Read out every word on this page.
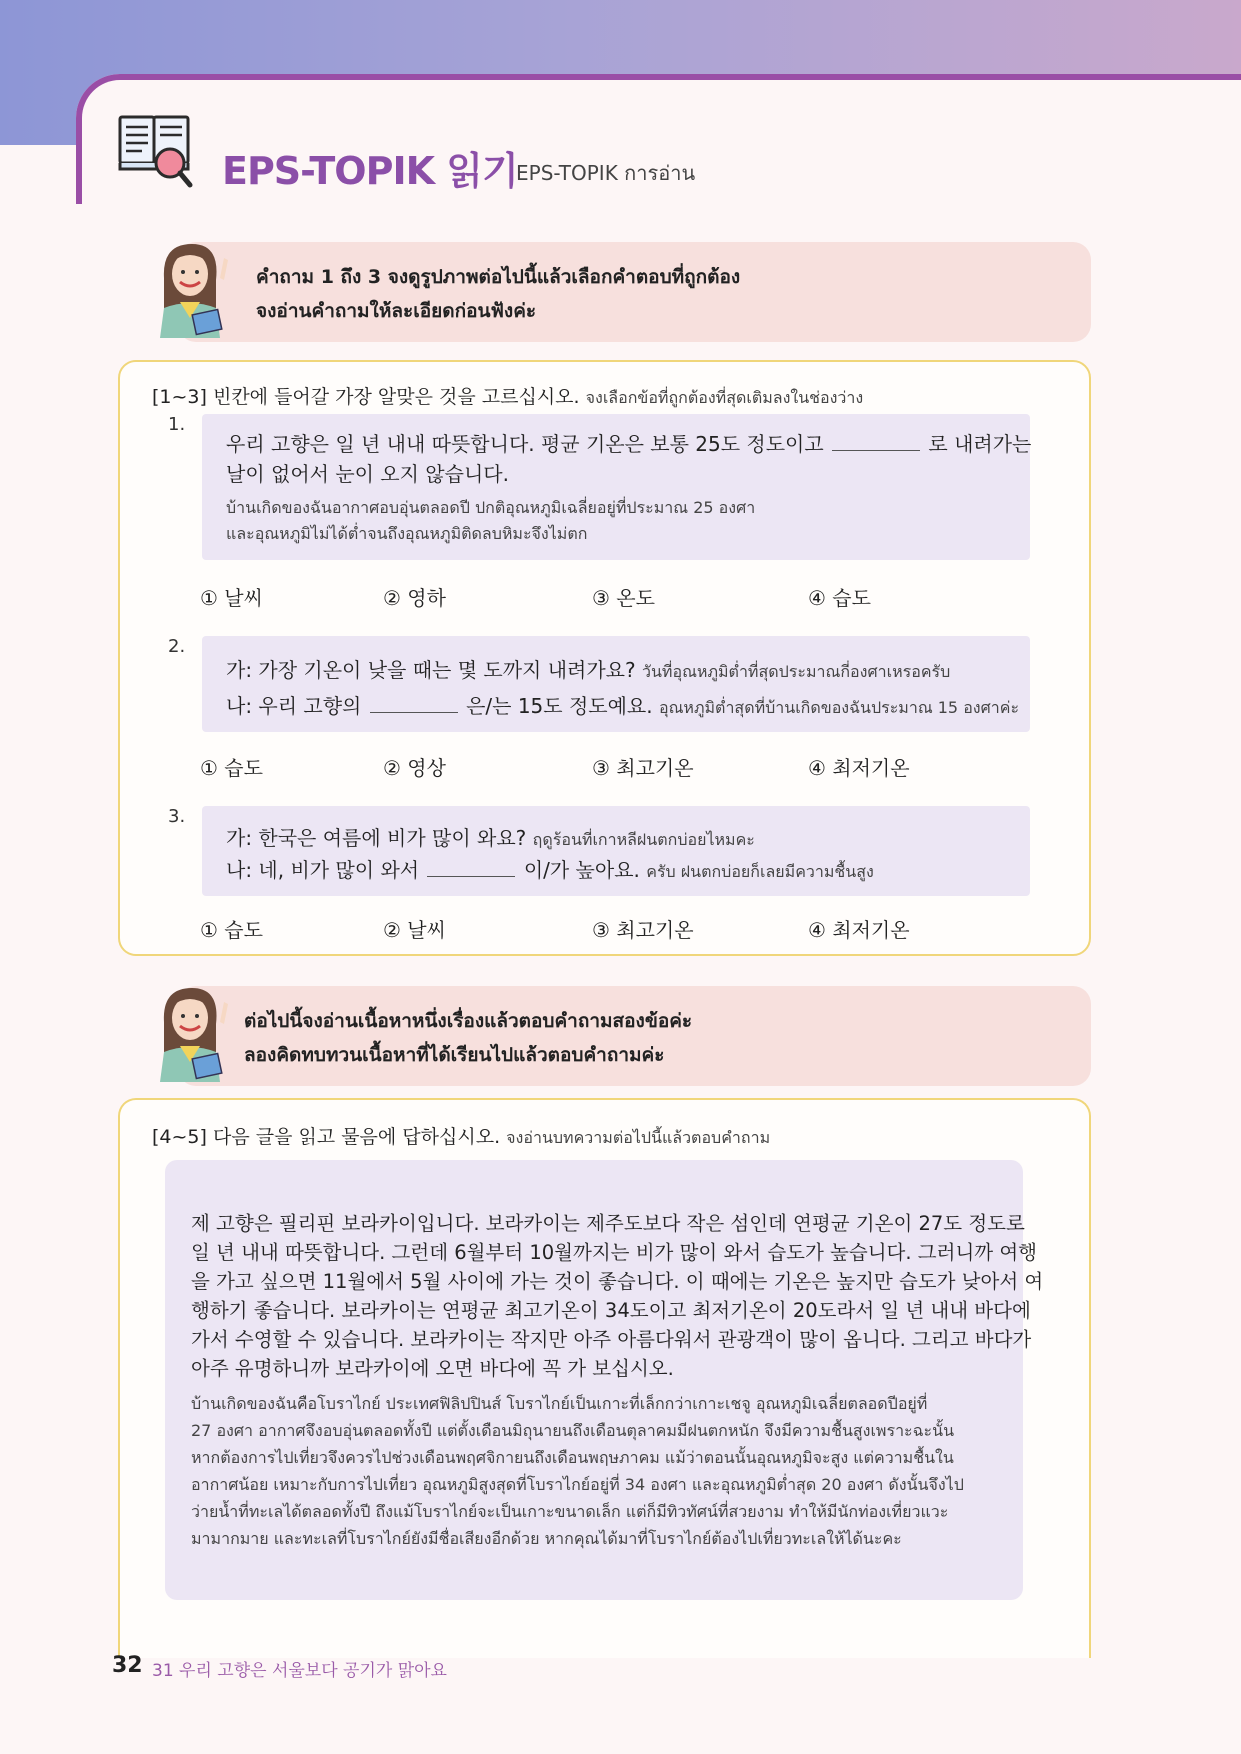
EPS-TOPIK 읽기
EPS-TOPIK การอ่าน
คำถาม 1 ถึง 3 จงดูรูปภาพต่อไปนี้แล้วเลือกคำตอบที่ถูกต้อง
จงอ่านคำถามให้ละเอียดก่อนฟังค่ะ
[1~3] 빈칸에 들어갈 가장 알맞은 것을 고르십시오. จงเลือกข้อที่ถูกต้องที่สุดเติมลงในช่องว่าง
1.
우리 고향은 일 년 내내 따뜻합니다. 평균 기온은 보통 25도 정도이고	로 내려가는
날이 없어서 눈이 오지 않습니다.
บ้านเกิดของฉันอากาศอบอุ่นตลอดปี ปกติอุณหภูมิเฉลี่ยอยู่ที่ประมาณ 25 องศา
และอุณหภูมิไม่ได้ต่ำจนถึงอุณหภูมิติดลบหิมะจึงไม่ตก
① 날씨	② 영하	③ 온도	④ 습도
2.
가: 가장 기온이 낮을 때는 몇 도까지 내려가요? วันที่อุณหภูมิต่ำที่สุดประมาณกี่องศาเหรอครับ
나: 우리 고향의	은/는 15도 정도예요. อุณหภูมิต่ำสุดที่บ้านเกิดของฉันประมาณ 15 องศาค่ะ
① 습도	② 영상	③ 최고기온	④ 최저기온
3.
가: 한국은 여름에 비가 많이 와요? ฤดูร้อนที่เกาหลีฝนตกบ่อยไหมคะ
나: 네, 비가 많이 와서	이/가 높아요. ครับ ฝนตกบ่อยก็เลยมีความชื้นสูง
① 습도	② 날씨	③ 최고기온	④ 최저기온
ต่อไปนี้จงอ่านเนื้อหาหนึ่งเรื่องแล้วตอบคำถามสองข้อค่ะ
ลองคิดทบทวนเนื้อหาที่ได้เรียนไปแล้วตอบคำถามค่ะ
[4~5] 다음 글을 읽고 물음에 답하십시오. จงอ่านบทความต่อไปนี้แล้วตอบคำถาม
제 고향은 필리핀 보라카이입니다. 보라카이는 제주도보다 작은 섬인데 연평균 기온이 27도 정도로
일 년 내내 따뜻합니다. 그런데 6월부터 10월까지는 비가 많이 와서 습도가 높습니다. 그러니까 여행
을 가고 싶으면 11월에서 5월 사이에 가는 것이 좋습니다. 이 때에는 기온은 높지만 습도가 낮아서 여
행하기 좋습니다. 보라카이는 연평균 최고기온이 34도이고 최저기온이 20도라서 일 년 내내 바다에
가서 수영할 수 있습니다. 보라카이는 작지만 아주 아름다워서 관광객이 많이 옵니다. 그리고 바다가
아주 유명하니까 보라카이에 오면 바다에 꼭 가 보십시오.
บ้านเกิดของฉันคือโบราไกย์ ประเทศฟิลิปปินส์ โบราไกย์เป็นเกาะที่เล็กกว่าเกาะเชจู อุณหภูมิเฉลี่ยตลอดปีอยู่ที่
27 องศา อากาศจึงอบอุ่นตลอดทั้งปี แต่ตั้งเดือนมิถุนายนถึงเดือนตุลาคมมีฝนตกหนัก จึงมีความชื้นสูงเพราะฉะนั้น
หากต้องการไปเที่ยวจึงควรไปช่วงเดือนพฤศจิกายนถึงเดือนพฤษภาคม แม้ว่าตอนนั้นอุณหภูมิจะสูง แต่ความชื้นใน
อากาศน้อย เหมาะกับการไปเที่ยว อุณหภูมิสูงสุดที่โบราไกย์อยู่ที่ 34 องศา และอุณหภูมิต่ำสุด 20 องศา ดังนั้นจึงไป
ว่ายน้ำที่ทะเลได้ตลอดทั้งปี ถึงแม้โบราไกย์จะเป็นเกาะขนาดเล็ก แต่ก็มีทิวทัศน์ที่สวยงาม ทำให้มีนักท่องเที่ยวแวะ
มามากมาย และทะเลที่โบราไกย์ยังมีชื่อเสียงอีกด้วย หากคุณได้มาที่โบราไกย์ต้องไปเที่ยวทะเลให้ได้นะคะ
32 31 우리 고향은 서울보다 공기가 맑아요
